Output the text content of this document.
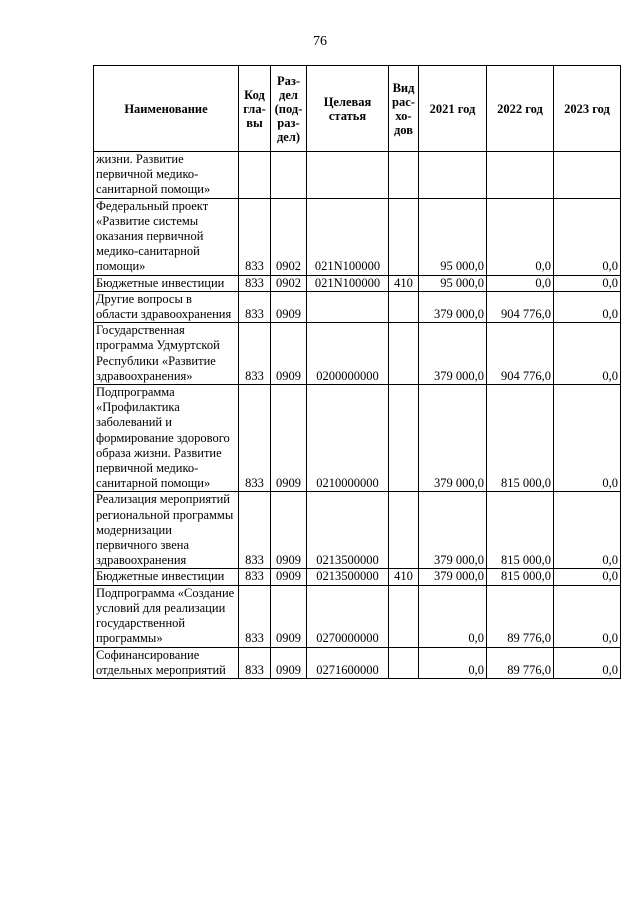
76
Наименование	Код гла-вы	Раз-дел (под-раз-дел)	Целевая статья	Вид рас-хо-дов	2021 год	2022 год	2023 год
жизни. Развитие первичной медико-санитарной помощи»							
Федеральный проект «Развитие системы оказания первичной медико-санитарной помощи»	833	0902	021N100000		95 000,0	0,0	0,0
Бюджетные инвестиции	833	0902	021N100000	410	95 000,0	0,0	0,0
Другие вопросы в области здравоохранения	833	0909			379 000,0	904 776,0	0,0
Государственная программа Удмуртской Республики «Развитие здравоохранения»	833	0909	0200000000		379 000,0	904 776,0	0,0
Подпрограмма «Профилактика заболеваний и формирование здорового образа жизни. Развитие первичной медико-санитарной помощи»	833	0909	0210000000		379 000,0	815 000,0	0,0
Реализация мероприятий региональной программы модернизации первичного звена здравоохранения	833	0909	0213500000		379 000,0	815 000,0	0,0
Бюджетные инвестиции	833	0909	0213500000	410	379 000,0	815 000,0	0,0
Подпрограмма «Создание условий для реализации государственной программы»	833	0909	0270000000		0,0	89 776,0	0,0
Софинансирование отдельных мероприятий	833	0909	0271600000		0,0	89 776,0	0,0
